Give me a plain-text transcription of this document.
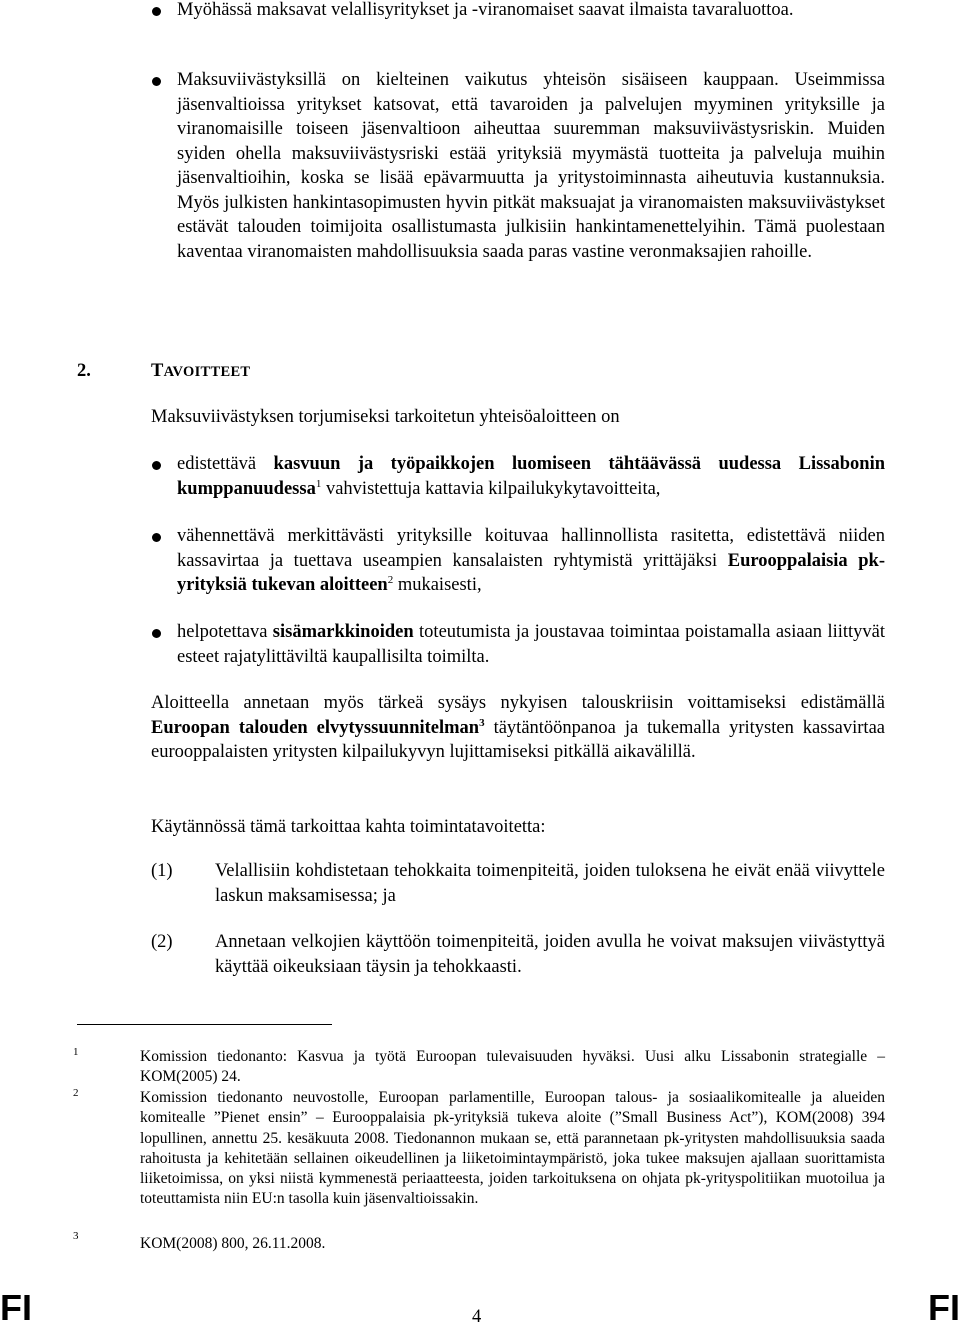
Myöhässä maksavat velallisyritykset ja -viranomaiset saavat ilmaista tavaraluottoa.

Maksuviivästyksillä on kielteinen vaikutus yhteisön sisäiseen kauppaan. Useimmissa jäsenvaltioissa yritykset katsovat, että tavaroiden ja palvelujen myyminen yrityksille ja viranomaisille toiseen jäsenvaltioon aiheuttaa suuremman maksuviivästysriskin. Muiden syiden ohella maksuviivästysriski estää yrityksiä myymästä tuotteita ja palveluja muihin jäsenvaltioihin, koska se lisää epävarmuutta ja yritystoiminnasta aiheutuvia kustannuksia. Myös julkisten hankintasopimusten hyvin pitkät maksuajat ja viranomaisten maksuviivästykset estävät talouden toimijoita osallistumasta julkisiin hankintamenettelyihin. Tämä puolestaan kaventaa viranomaisten mahdollisuuksia saada paras vastine veronmaksajien rahoille.

2.	TAVOITTEET

Maksuviivästyksen torjumiseksi tarkoitetun yhteisöaloitteen on

edistettävä kasvuun ja työpaikkojen luomiseen tähtäävässä uudessa Lissabonin kumppanuudessa$^1$ vahvistettuja kattavia kilpailukykytavoitteita,

vähennettävä merkittävästi yrityksille koituvaa hallinnollista rasitetta, edistettävä niiden kassavirtaa ja tuettava useampien kansalaisten ryhtymistä yrittäjäksi Eurooppalaisia pk-yrityksiä tukevan aloitteen$^2$ mukaisesti,

helpotettava sisämarkkinoiden toteutumista ja joustavaa toimintaa poistamalla asiaan liittyvät esteet rajatylittäviltä kaupallisilta toimilta.

Aloitteella annetaan myös tärkeä sysäys nykyisen talouskriisin voittamiseksi edistämällä Euroopan talouden elvytyssuunnitelman$^3$ täytäntöönpanoa ja tukemalla yritysten kassavirtaa eurooppalaisten yritysten kilpailukyvyn lujittamiseksi pitkällä aikavälillä.

Käytännössä tämä tarkoittaa kahta toimintatavoitetta:

(1) Velallisiin kohdistetaan tehokkaita toimenpiteitä, joiden tuloksena he eivät enää viivyttele laskun maksamisessa; ja

(2) Annetaan velkojien käyttöön toimenpiteitä, joiden avulla he voivat maksujen viivästyttyä käyttää oikeuksiaan täysin ja tehokkaasti.

1	Komission tiedonanto: Kasvua ja työtä Euroopan tulevaisuuden hyväksi. Uusi alku Lissabonin strategialle – KOM(2005) 24.
2	Komission tiedonanto neuvostolle, Euroopan parlamentille, Euroopan talous- ja sosiaalikomitealle ja alueiden komitealle ”Pienet ensin” – Eurooppalaisia pk-yrityksiä tukeva aloite (”Small Business Act”), KOM(2008) 394 lopullinen, annettu 25. kesäkuuta 2008. Tiedonannon mukaan se, että parannetaan pk-yritysten mahdollisuuksia saada rahoitusta ja kehitetään sellainen oikeudellinen ja liiketoimintaympäristö, joka tukee maksujen ajallaan suorittamista liiketoimissa, on yksi niistä kymmenestä periaatteesta, joiden tarkoituksena on ohjata pk-yrityspolitiikan muotoilua ja toteuttamista niin EU:n tasolla kuin jäsenvaltioissakin.
3	KOM(2008) 800, 26.11.2008.
FI	4	FI
